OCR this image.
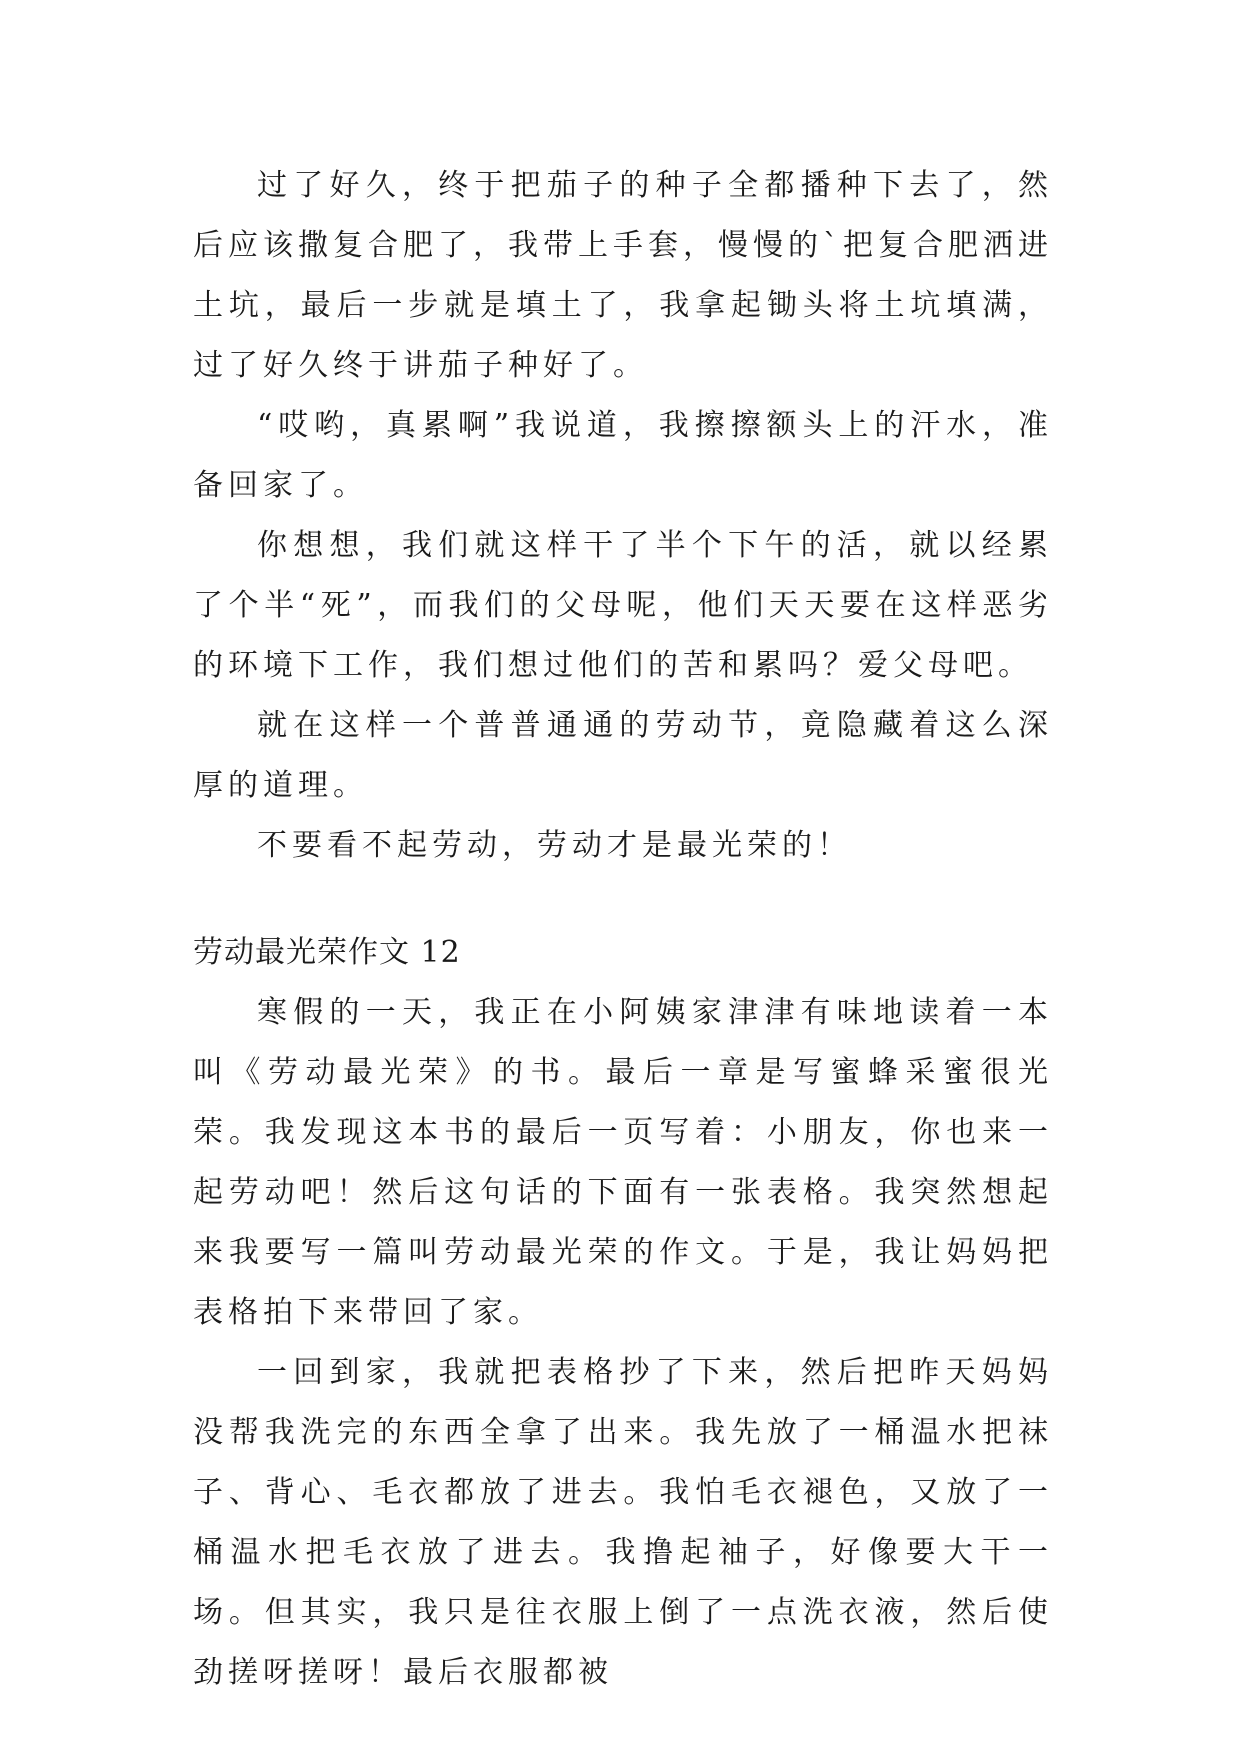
过了好久，终于把茄子的种子全都播种下去了，然后应该撒复合肥了，我带上手套，慢慢的`把复合肥洒进土坑，最后一步就是填土了，我拿起锄头将土坑填满，过了好久终于讲茄子种好了。

“哎哟，真累啊”我说道，我擦擦额头上的汗水，准备回家了。

你想想，我们就这样干了半个下午的活，就以经累了个半“死”，而我们的父母呢，他们天天要在这样恶劣的环境下工作，我们想过他们的苦和累吗？爱父母吧。

就在这样一个普普通通的劳动节，竟隐藏着这么深厚的道理。

不要看不起劳动，劳动才是最光荣的！

劳动最光荣作文 12

寒假的一天，我正在小阿姨家津津有味地读着一本叫《劳动最光荣》的书。最后一章是写蜜蜂采蜜很光荣。我发现这本书的最后一页写着：小朋友，你也来一起劳动吧！然后这句话的下面有一张表格。我突然想起来我要写一篇叫劳动最光荣的作文。于是，我让妈妈把表格拍下来带回了家。

一回到家，我就把表格抄了下来，然后把昨天妈妈没帮我洗完的东西全拿了出来。我先放了一桶温水把袜子、背心、毛衣都放了进去。我怕毛衣褪色，又放了一桶温水把毛衣放了进去。我撸起袖子，好像要大干一场。但其实，我只是往衣服上倒了一点洗衣液，然后使劲搓呀搓呀！最后衣服都被
